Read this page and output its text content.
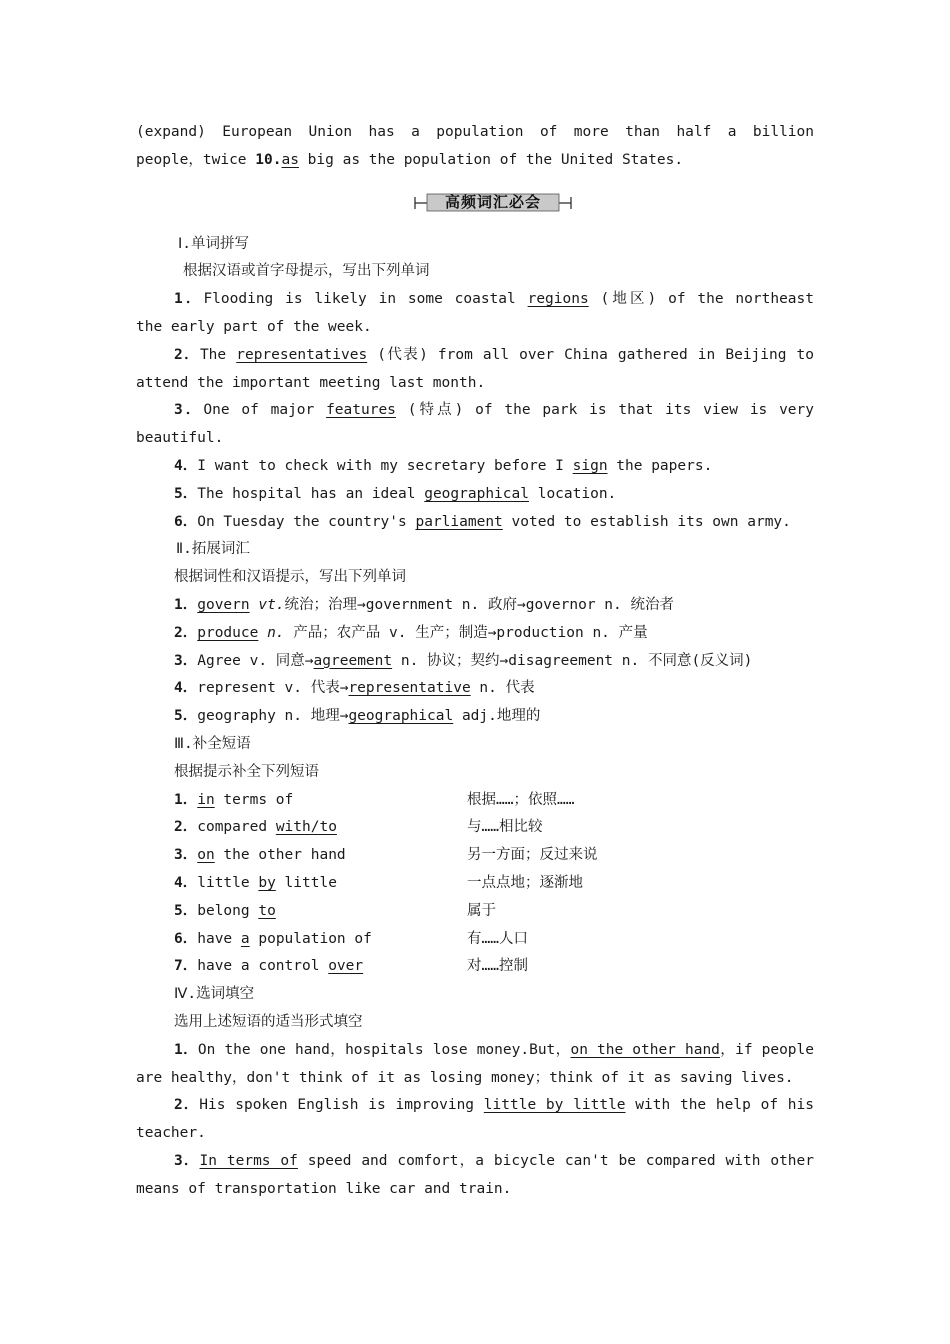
(expand) European Union has a population of more than half a billion
people，twice 10.as big as the population of the United States.
高频词汇必会
Ⅰ.单词拼写
根据汉语或首字母提示，写出下列单词
1．Flooding is likely in some coastal regions (地区) of the northeast
the early part of the week.
2．The representatives (代表) from all over China gathered in Beijing to
attend the important meeting last month.
3．One of major features (特点) of the park is that its view is very
beautiful.
4．I want to check with my secretary before I sign the papers.
5．The hospital has an ideal geographical location.
6．On Tuesday the country's parliament voted to establish its own army.
Ⅱ.拓展词汇
根据词性和汉语提示，写出下列单词
1．govern vt.统治；治理→government n. 政府→governor n. 统治者
2．produce n. 产品；农产品 v. 生产；制造→production n. 产量
3．Agree v. 同意→agreement n. 协议；契约→disagreement n. 不同意(反义词)
4．represent v. 代表→representative n. 代表
5．geography n. 地理→geographical adj.地理的
Ⅲ.补全短语
根据提示补全下列短语
1．in terms of	根据……；依照……
2．compared with/to	与……相比较
3．on the other hand	另一方面；反过来说
4．little by little	一点点地；逐渐地
5．belong to	属于
6．have a population of	有……人口
7．have a control over	对……控制
Ⅳ.选词填空
选用上述短语的适当形式填空
1．On the one hand，hospitals lose money.But，on the other hand，if people
are healthy，don't think of it as losing money；think of it as saving lives.
2．His spoken English is improving little by little with the help of his
teacher.
3．In terms of speed and comfort，a bicycle can't be compared with other
means of transportation like car and train.
